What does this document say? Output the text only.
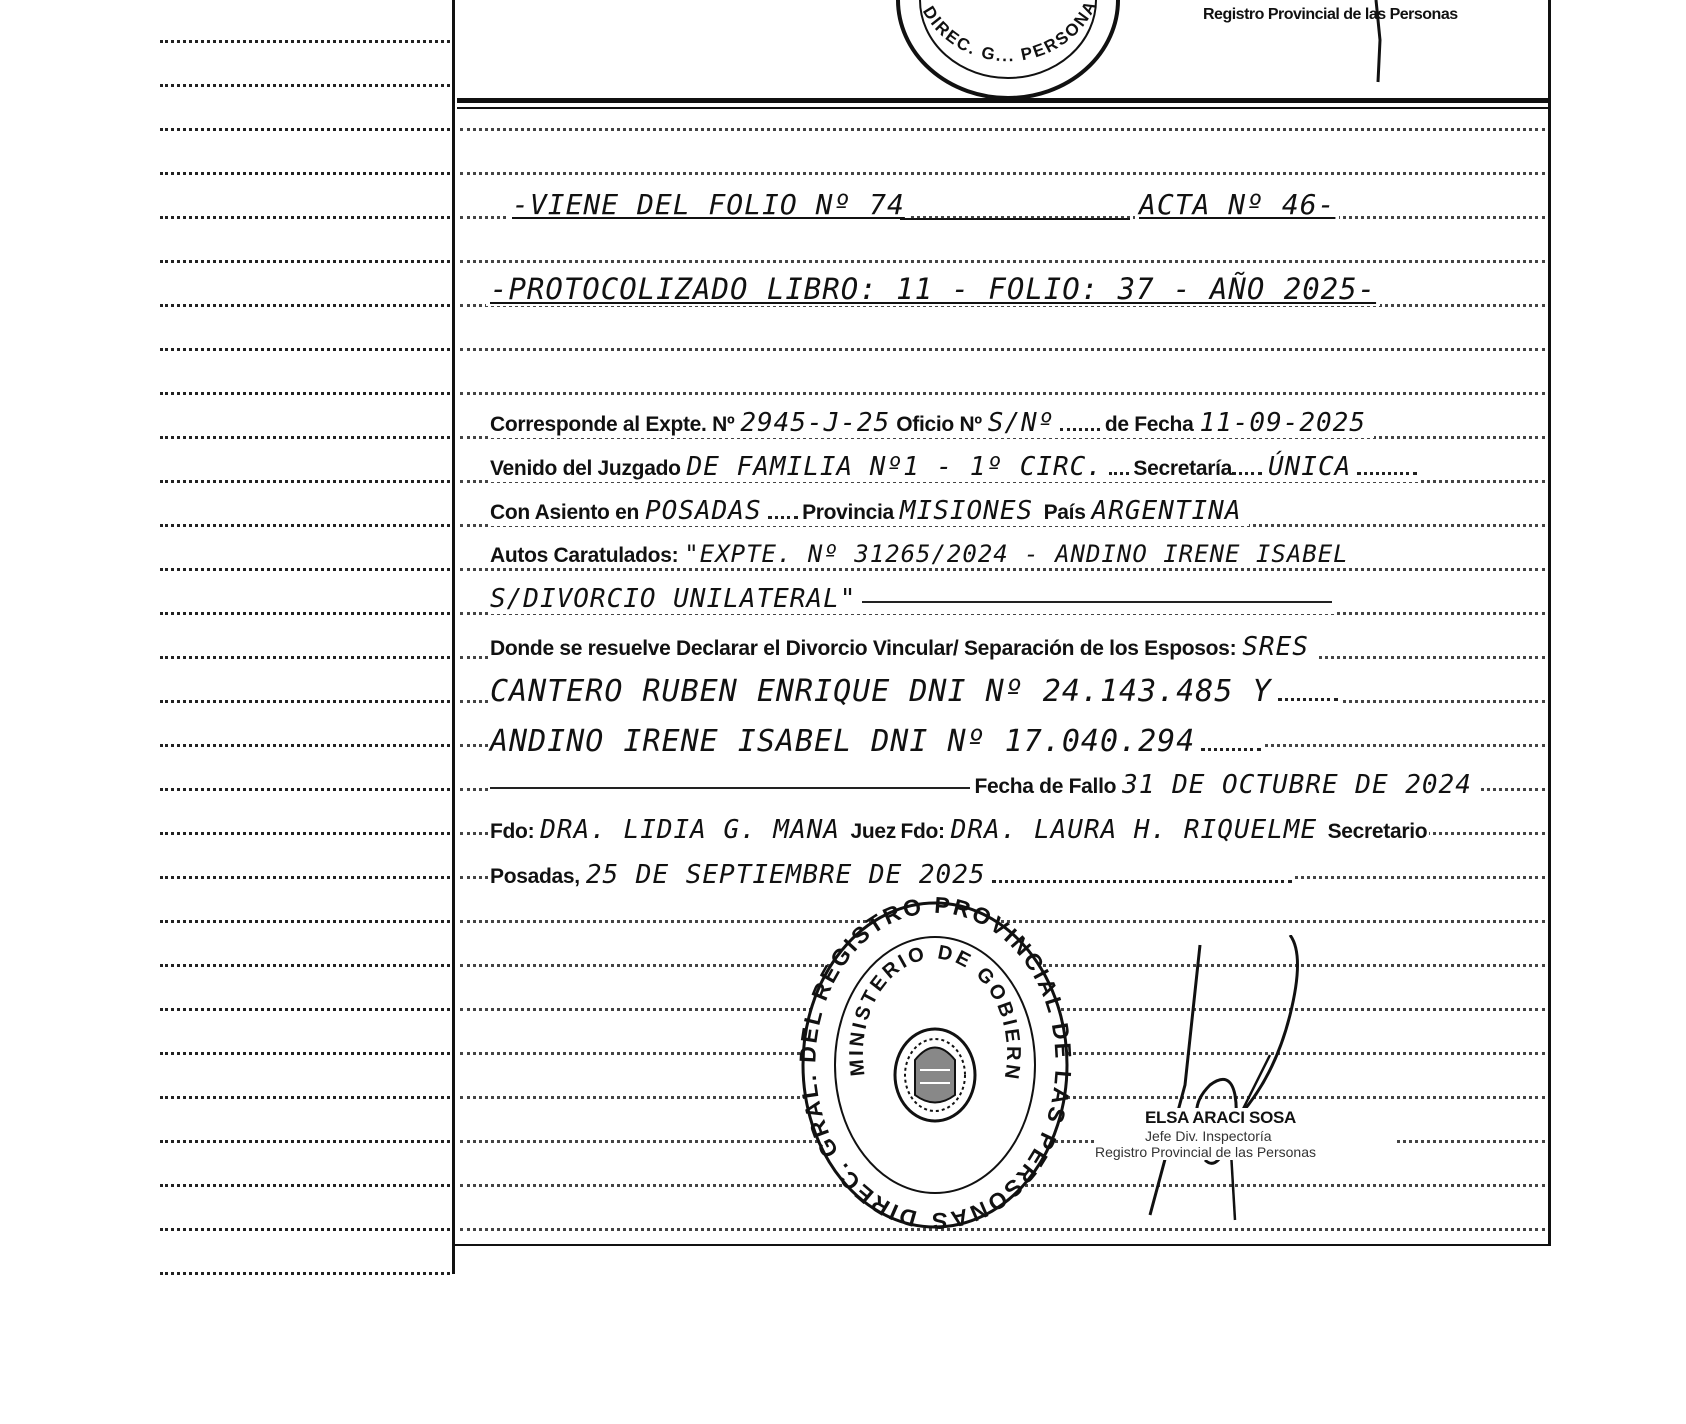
DIREC. G... PERSONA	Registro Provincial de las Personas
-VIENE DEL FOLIO Nº 74	ACTA Nº 46-
-PROTOCOLIZADO LIBRO: 11 - FOLIO: 37 - AÑO 2025-
Corresponde al Expte. Nº 2945-J-25 Oficio Nº S/Nº de Fecha 11-09-2025
Venido del Juzgado DE FAMILIA Nº1 - 1º CIRC. Secretaría ÚNICA
Con Asiento en POSADAS Provincia MISIONES País ARGENTINA
Autos Caratulados: "EXPTE. Nº 31265/2024 - ANDINO IRENE ISABEL
S/DIVORCIO UNILATERAL"
Donde se resuelve Declarar el Divorcio Vincular/ Separación de los Esposos: SRES
CANTERO RUBEN ENRIQUE DNI Nº 24.143.485 Y
ANDINO IRENE ISABEL DNI Nº 17.040.294
Fecha de Fallo 31 DE OCTUBRE DE 2024
Fdo: DRA. LIDIA G. MANA Juez Fdo: DRA. LAURA H. RIQUELME Secretario
Posadas, 25 DE SEPTIEMBRE DE 2025
DIREC. GRAL. DEL REGISTRO PROVINCIAL DE LAS PERSONAS
MINISTERIO DE GOBIERN
ELSA ARACI SOSA
Jefe Div. Inspectoría
Registro Provincial de las Personas
